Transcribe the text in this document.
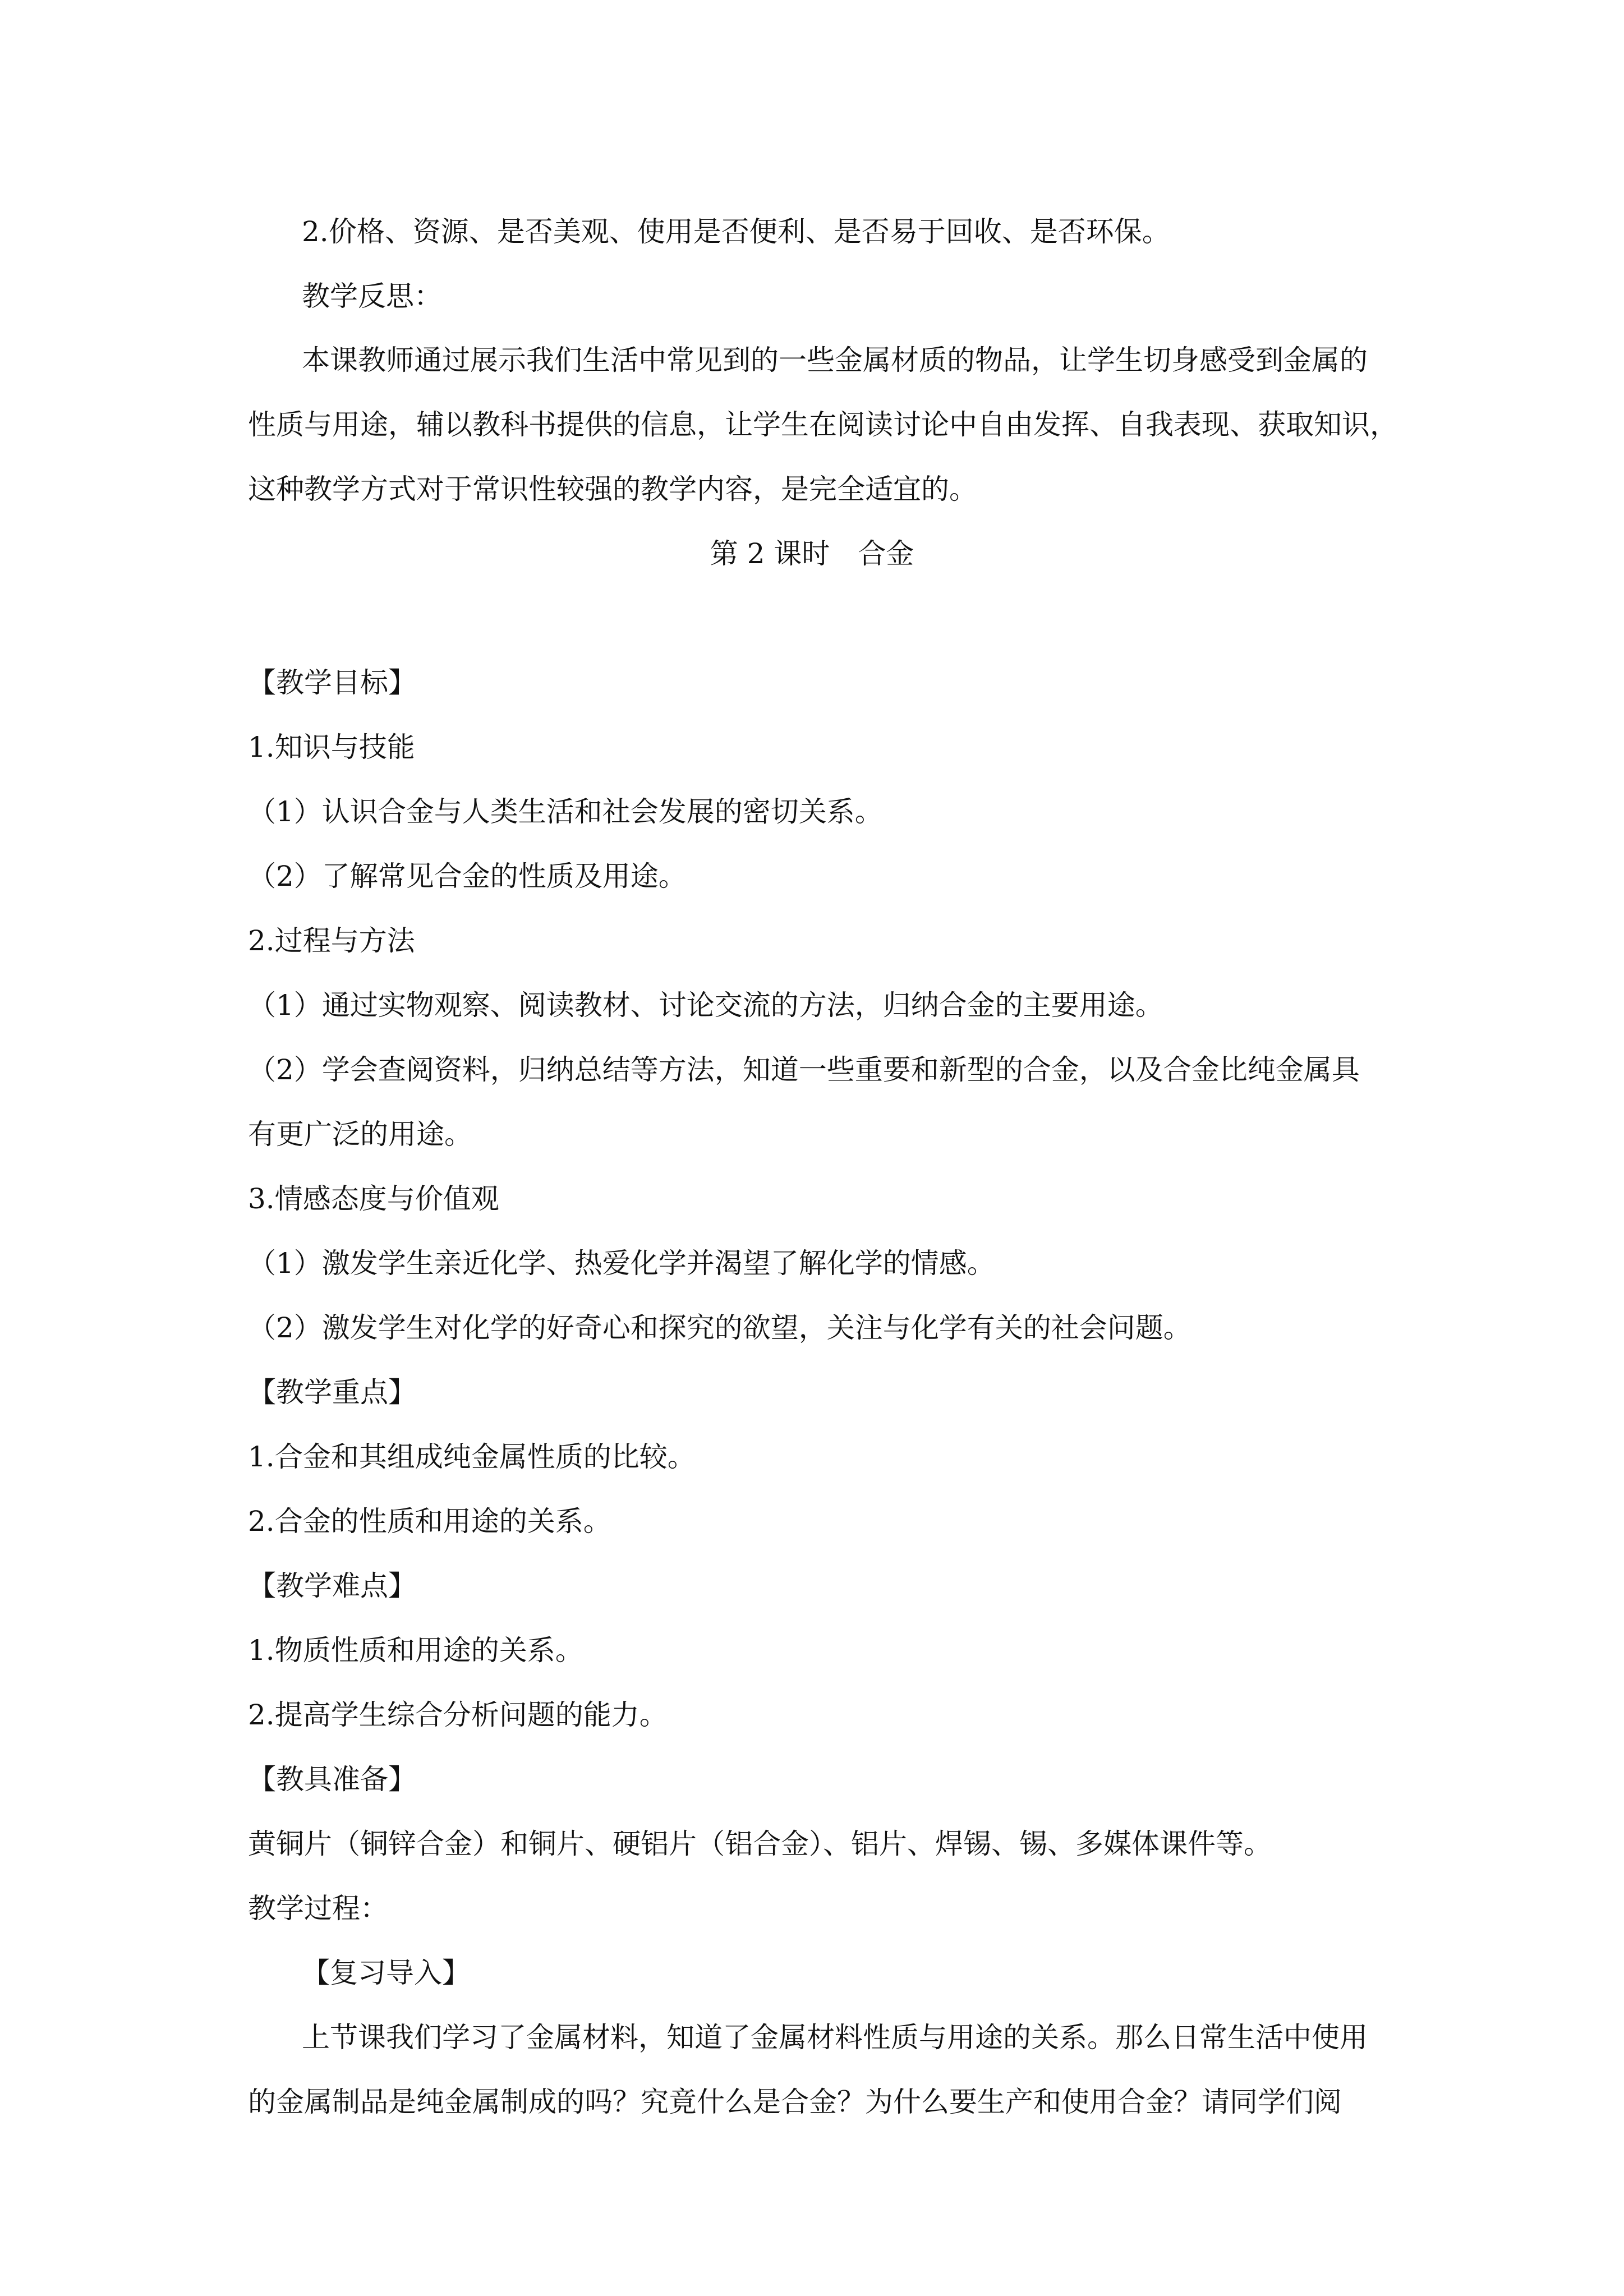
2.价格、资源、是否美观、使用是否便利、是否易于回收、是否环保。
教学反思：
本课教师通过展示我们生活中常见到的一些金属材质的物品，让学生切身感受到金属的
性质与用途，辅以教科书提供的信息，让学生在阅读讨论中自由发挥、自我表现、获取知识，
这种教学方式对于常识性较强的教学内容，是完全适宜的。
第 2 课时　合金
【教学目标】
1.知识与技能
（1）认识合金与人类生活和社会发展的密切关系。
（2）了解常见合金的性质及用途。
2.过程与方法
（1）通过实物观察、阅读教材、讨论交流的方法，归纳合金的主要用途。
（2）学会查阅资料，归纳总结等方法，知道一些重要和新型的合金，以及合金比纯金属具
有更广泛的用途。
3.情感态度与价值观
（1）激发学生亲近化学、热爱化学并渴望了解化学的情感。
（2）激发学生对化学的好奇心和探究的欲望，关注与化学有关的社会问题。
【教学重点】
1.合金和其组成纯金属性质的比较。
2.合金的性质和用途的关系。
【教学难点】
1.物质性质和用途的关系。
2.提高学生综合分析问题的能力。
【教具准备】
黄铜片（铜锌合金）和铜片、硬铝片（铝合金）、铝片、焊锡、锡、多媒体课件等。
教学过程：
【复习导入】
上节课我们学习了金属材料，知道了金属材料性质与用途的关系。那么日常生活中使用
的金属制品是纯金属制成的吗？究竟什么是合金？为什么要生产和使用合金？请同学们阅
